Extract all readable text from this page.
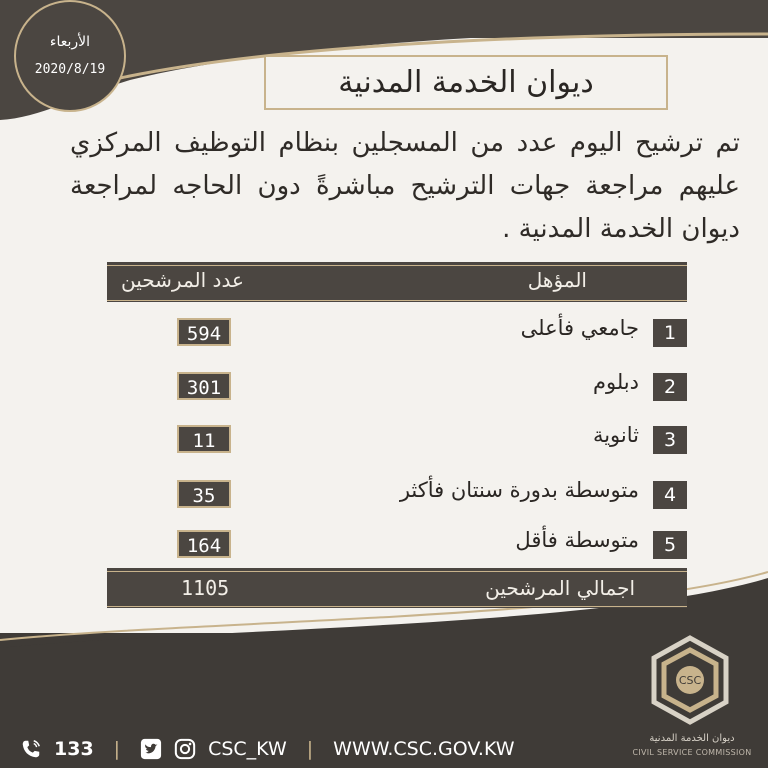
الأربعاء
2020/8/19	ديوان الخدمة المدنية
تم ترشيح اليوم عدد من المسجلين بنظام التوظيف المركزي عليهم مراجعة جهات الترشيح مباشرةً دون الحاجه لمراجعة ديوان الخدمة المدنية .
المؤهل
عدد المرشحين
1
جامعي فأعلى
594
2
دبلوم
301
3
ثانوية
11
4
متوسطة بدورة سنتان فأكثر
35
5
متوسطة فأقل
164
اجمالي المرشحين
1105
133 |	CSC_KW | WWW.CSC.GOV.KW
CSC
ديوان الخدمة المدنية
CIVIL SERVICE COMMISSION
